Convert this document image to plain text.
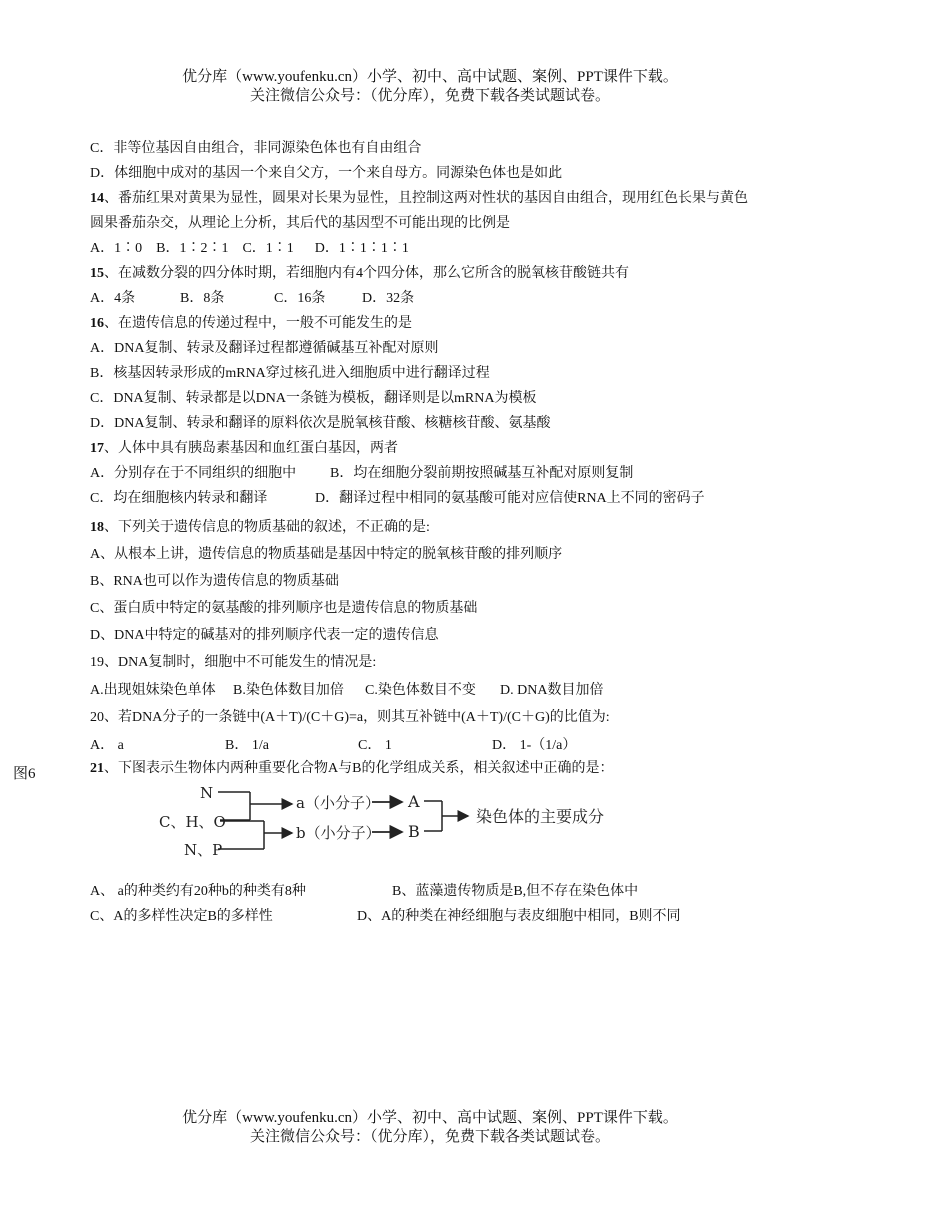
优分库（www.youfenku.cn）小学、初中、高中试题、案例、PPT课件下载。
关注微信公众号：（优分库），免费下载各类试题试卷。
C．非等位基因自由组合，非同源染色体也有自由组合
D．体细胞中成对的基因一个来自父方，一个来自母方。同源染色体也是如此
14、番茄红果对黄果为显性，圆果对长果为显性，且控制这两对性状的基因自由组合，现用红色长果与黄色
圆果番茄杂交，从理论上分析，其后代的基因型不可能出现的比例是
A．1∶0    B．1∶2∶1    C．1∶1      D．1∶1∶1∶1
15、在减数分裂的四分体时期，若细胞内有4个四分体，那么它所含的脱氧核苷酸链共有
A．4条	B．8条	C．16条	D．32条
16、在遗传信息的传递过程中，一般不可能发生的是
A．DNA复制、转录及翻译过程都遵循碱基互补配对原则
B．核基因转录形成的mRNA穿过核孔进入细胞质中进行翻译过程
C．DNA复制、转录都是以DNA一条链为模板，翻译则是以mRNA为模板
D．DNA复制、转录和翻译的原料依次是脱氧核苷酸、核糖核苷酸、氨基酸
17、人体中具有胰岛素基因和血红蛋白基因，两者
A．分别存在于不同组织的细胞中 B．均在细胞分裂前期按照碱基互补配对原则复制
C．均在细胞核内转录和翻译	D．翻译过程中相同的氨基酸可能对应信使RNA上不同的密码子
18、下列关于遗传信息的物质基础的叙述，不正确的是:
A、从根本上讲，遗传信息的物质基础是基因中特定的脱氧核苷酸的排列顺序
B、RNA也可以作为遗传信息的物质基础
C、蛋白质中特定的氨基酸的排列顺序也是遗传信息的物质基础
D、DNA中特定的碱基对的排列顺序代表一定的遗传信息
19、DNA复制时，细胞中不可能发生的情况是:
A.出现姐妹染色单体 B.染色体数目加倍 C.染色体数目不变 D. DNA数目加倍
20、若DNA分子的一条链中(A＋T)/(C＋G)=a，则其互补链中(A＋T)/(C＋G)的比值为:
A． a	B． 1/a	C． 1	D． 1-（1/a）
图6	21、下图表示生物体内两种重要化合物A与B的化学组成关系，相关叙述中正确的是：
N
C、H、O
N、P
a（小分子）
b（小分子）
A
B
染色体的主要成分
A、 a的种类约有20种b的种类有8种	B、蓝藻遗传物质是B,但不存在染色体中
C、A的多样性决定B的多样性	D、A的种类在神经细胞与表皮细胞中相同，B则不同
优分库（www.youfenku.cn）小学、初中、高中试题、案例、PPT课件下载。
关注微信公众号：（优分库），免费下载各类试题试卷。
